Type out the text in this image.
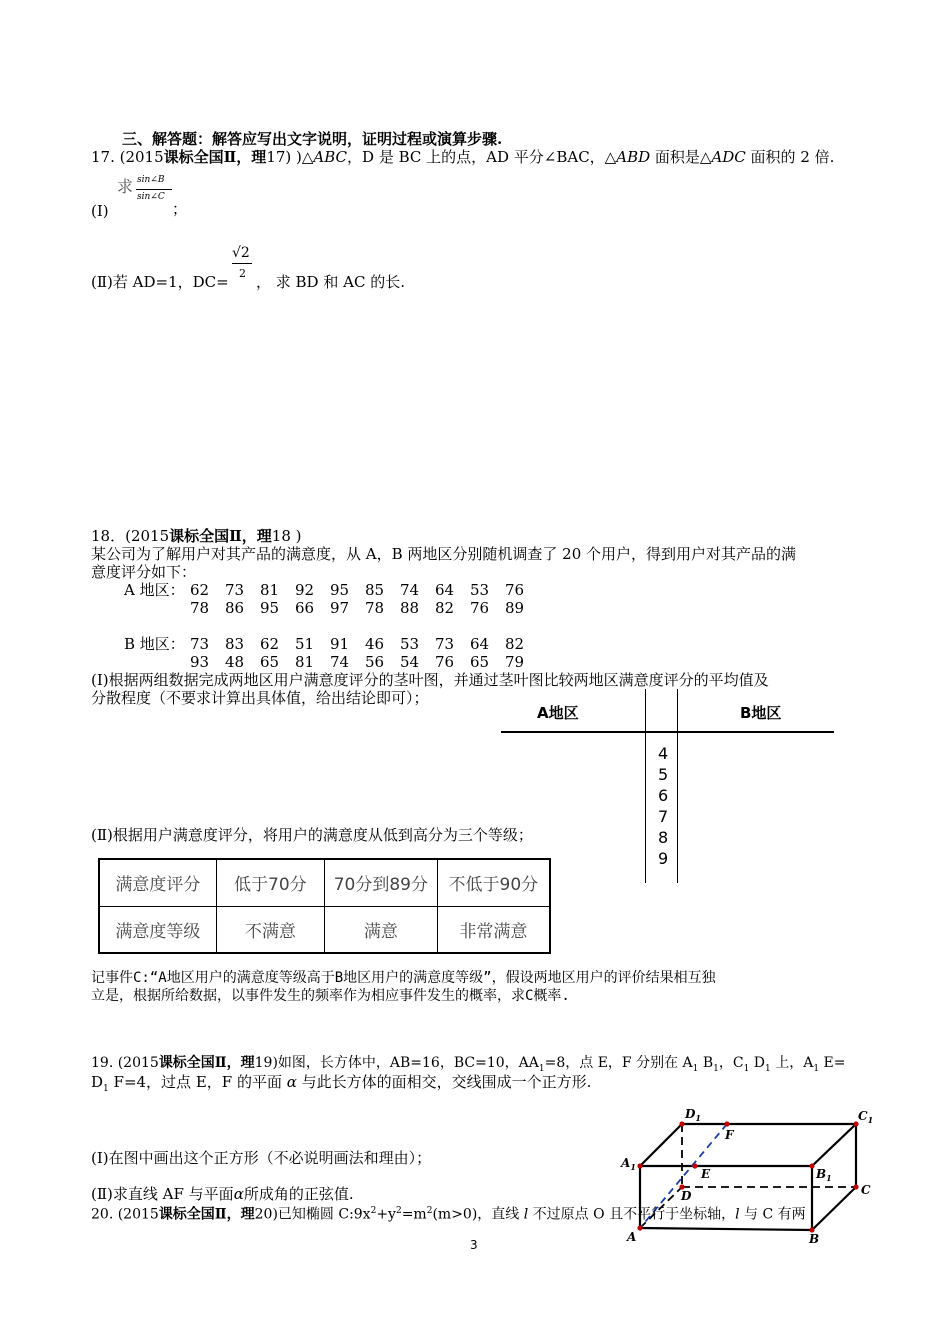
三、解答题：解答应写出文字说明，证明过程或演算步骤.
17. (2015课标全国Ⅱ，理17) )△ABC，D 是 BC 上的点，AD 平分∠BAC，△ABD 面积是△ADC 面积的 2 倍.
求 sin∠B
sin∠C
(Ⅰ)	；
√2
2
(Ⅱ)若 AD=1，DC= ， 求 BD 和 AC 的长.
18．(2015课标全国Ⅱ，理18 )
某公司为了解用户对其产品的满意度，从 A，B 两地区分别随机调查了 20 个用户，得到用户对其产品的满
意度评分如下：
A 地区： 62 73 81 92 95 85 74 64 53 76
78 86 95 66 97 78 88 82 76 89
B 地区： 73 83 62 51 91 46 53 73 64 82
93 48 65 81 74 56 54 76 65 79
(Ⅰ)根据两组数据完成两地区用户满意度评分的茎叶图，并通过茎叶图比较两地区满意度评分的平均值及
分散程度（不要求计算出具体值，给出结论即可）；
A地区	B地区
4
5
6
7
8
9
(Ⅱ)根据用户满意度评分，将用户的满意度从低到高分为三个等级；
满意度评分	低于70分	70分到89分	不低于90分
满意度等级	不满意	满意	非常满意
记事件C:“A地区用户的满意度等级高于B地区用户的满意度等级”，假设两地区用户的评价结果相互独
立是，根据所给数据，以事件发生的频率作为相应事件发生的概率，求C概率.
19. (2015课标全国Ⅱ，理19)如图，长方体中，AB=16，BC=10，$AA_1=8$，点 E，F 分别在 $A_1$ $B_1$，$C_1$ $D_1$ 上，$A_1$ E=
$D_1$ F=4，过点 E，F 的平面 α 与此长方体的面相交，交线围成一个正方形.
(Ⅰ)在图中画出这个正方形（不必说明画法和理由）；
(Ⅱ)求直线 AF 与平面α所成角的正弦值.
A	B
C
D
$A_1$	$B_1$
$C_1$
$D_1$
E
F
20. (2015课标全国Ⅱ，理20)已知椭圆 $C:9x^2+y^2=m^2(m>0)$，直线 l 不过原点 O 且不平行于坐标轴，l 与 C 有两
3
